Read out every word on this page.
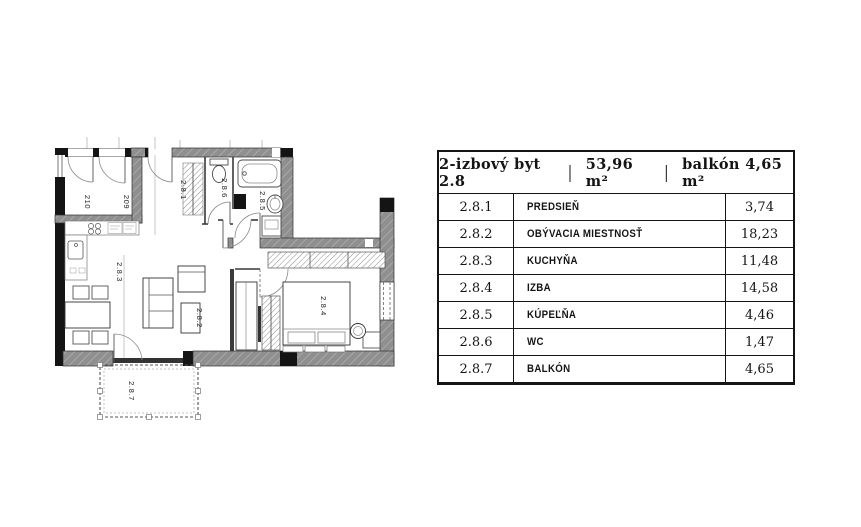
210	209
2.8.1	2.8.6
2.8.5
2.8.3
2.8.2
2.8.4
2.8.7
2-izbový byt 2.8	| 53,96 m²	| balkón 4,65 m²
2.8.1	PREDSIEŇ	3,74
2.8.2	OBÝVACIA MIESTNOSŤ	18,23
2.8.3	KUCHYŇA	11,48
2.8.4	IZBA	14,58
2.8.5	KÚPEĽŇA	4,46
2.8.6	WC	1,47
2.8.7	BALKÓN	4,65
